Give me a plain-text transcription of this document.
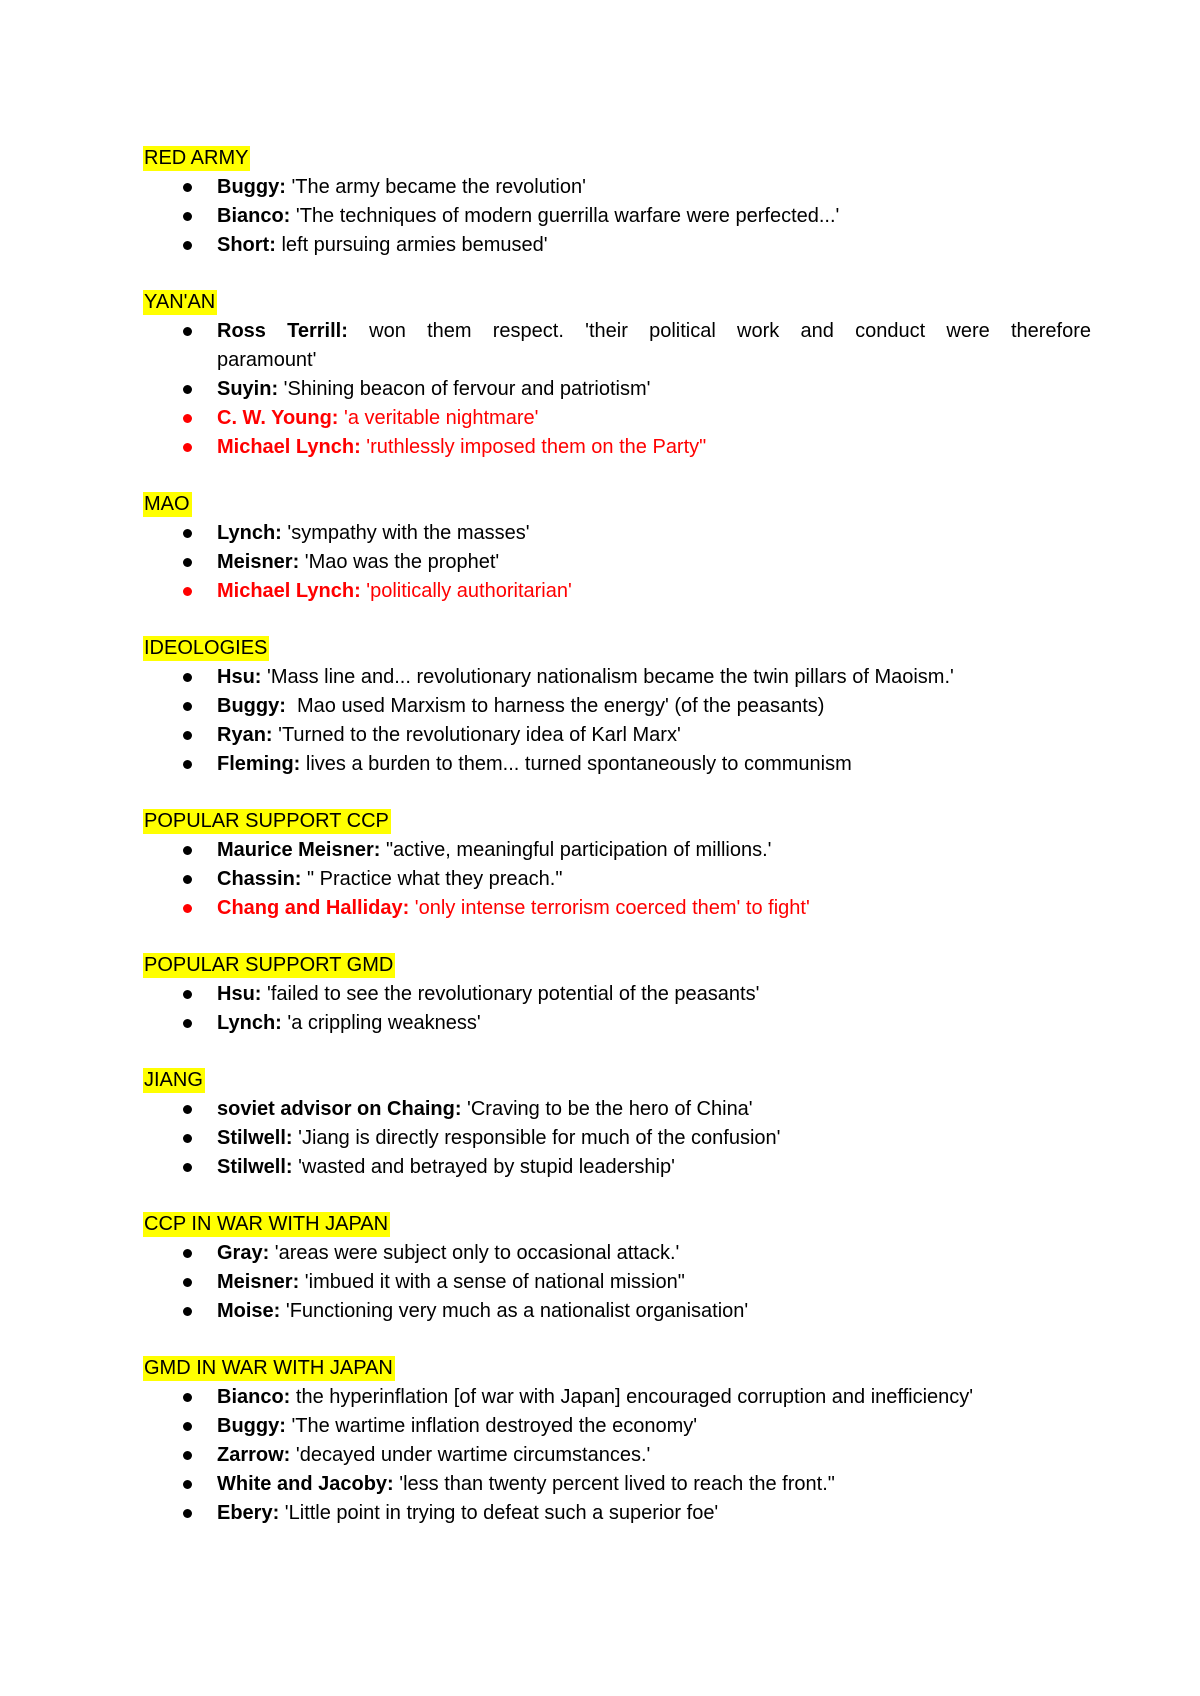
RED ARMY
Buggy: 'The army became the revolution'
Bianco: 'The techniques of modern guerrilla warfare were perfected...'
Short: left pursuing armies bemused'
YAN'AN
Ross Terrill: won them respect. 'their political work and conduct were therefore
paramount'
Suyin: 'Shining beacon of fervour and patriotism'
C. W. Young: 'a veritable nightmare'
Michael Lynch: 'ruthlessly imposed them on the Party"
MAO
Lynch: 'sympathy with the masses'
Meisner: 'Mao was the prophet'
Michael Lynch: 'politically authoritarian'
IDEOLOGIES
Hsu: 'Mass line and... revolutionary nationalism became the twin pillars of Maoism.'
Buggy:  Mao used Marxism to harness the energy' (of the peasants)
Ryan: 'Turned to the revolutionary idea of Karl Marx'
Fleming: lives a burden to them... turned spontaneously to communism
POPULAR SUPPORT CCP
Maurice Meisner: "active, meaningful participation of millions.'
Chassin: " Practice what they preach."
Chang and Halliday: 'only intense terrorism coerced them' to fight'
POPULAR SUPPORT GMD
Hsu: 'failed to see the revolutionary potential of the peasants'
Lynch: 'a crippling weakness'
JIANG
soviet advisor on Chaing: 'Craving to be the hero of China'
Stilwell: 'Jiang is directly responsible for much of the confusion'
Stilwell: 'wasted and betrayed by stupid leadership'
CCP IN WAR WITH JAPAN
Gray: 'areas were subject only to occasional attack.'
Meisner: 'imbued it with a sense of national mission"
Moise: 'Functioning very much as a nationalist organisation'
GMD IN WAR WITH JAPAN
Bianco: the hyperinflation [of war with Japan] encouraged corruption and inefficiency'
Buggy: 'The wartime inflation destroyed the economy'
Zarrow: 'decayed under wartime circumstances.'
White and Jacoby: 'less than twenty percent lived to reach the front."
Ebery: 'Little point in trying to defeat such a superior foe'
